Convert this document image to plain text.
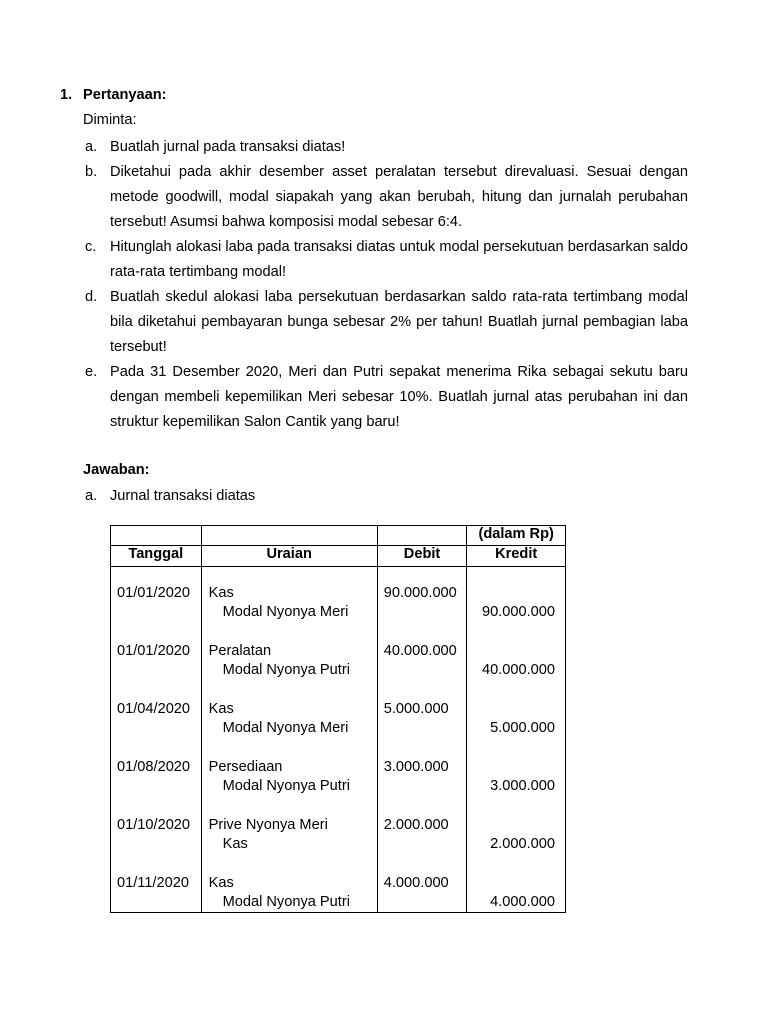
1. Pertanyaan:
Diminta:
a. Buatlah jurnal pada transaksi diatas!
b. Diketahui pada akhir desember asset peralatan tersebut direvaluasi. Sesuai dengan metode goodwill, modal siapakah yang akan berubah, hitung dan jurnalah perubahan tersebut! Asumsi bahwa komposisi modal sebesar 6:4.
c. Hitunglah alokasi laba pada transaksi diatas untuk modal persekutuan berdasarkan saldo rata-rata tertimbang modal!
d. Buatlah skedul alokasi laba persekutuan berdasarkan saldo rata-rata tertimbang modal bila diketahui pembayaran bunga sebesar 2% per tahun! Buatlah jurnal pembagian laba tersebut!
e. Pada 31 Desember 2020, Meri dan Putri sepakat menerima Rika sebagai sekutu baru dengan membeli kepemilikan Meri sebesar 10%. Buatlah jurnal atas perubahan ini dan struktur kepemilikan Salon Cantik yang baru!
Jawaban:
a. Jurnal transaksi diatas
			(dalam Rp)
Tanggal	Uraian	Debit	Kredit

01/01/2020	Kas	90.000.000	

	Modal Nyonya Meri		90.000.000

01/01/2020	Peralatan	40.000.000	

	Modal Nyonya Putri		40.000.000

01/04/2020	Kas	5.000.000	

	Modal Nyonya Meri		5.000.000

01/08/2020	Persediaan	3.000.000	

	Modal Nyonya Putri		3.000.000

01/10/2020	Prive Nyonya Meri	2.000.000	

	Kas		2.000.000

01/11/2020	Kas	4.000.000	

	Modal Nyonya Putri		4.000.000
